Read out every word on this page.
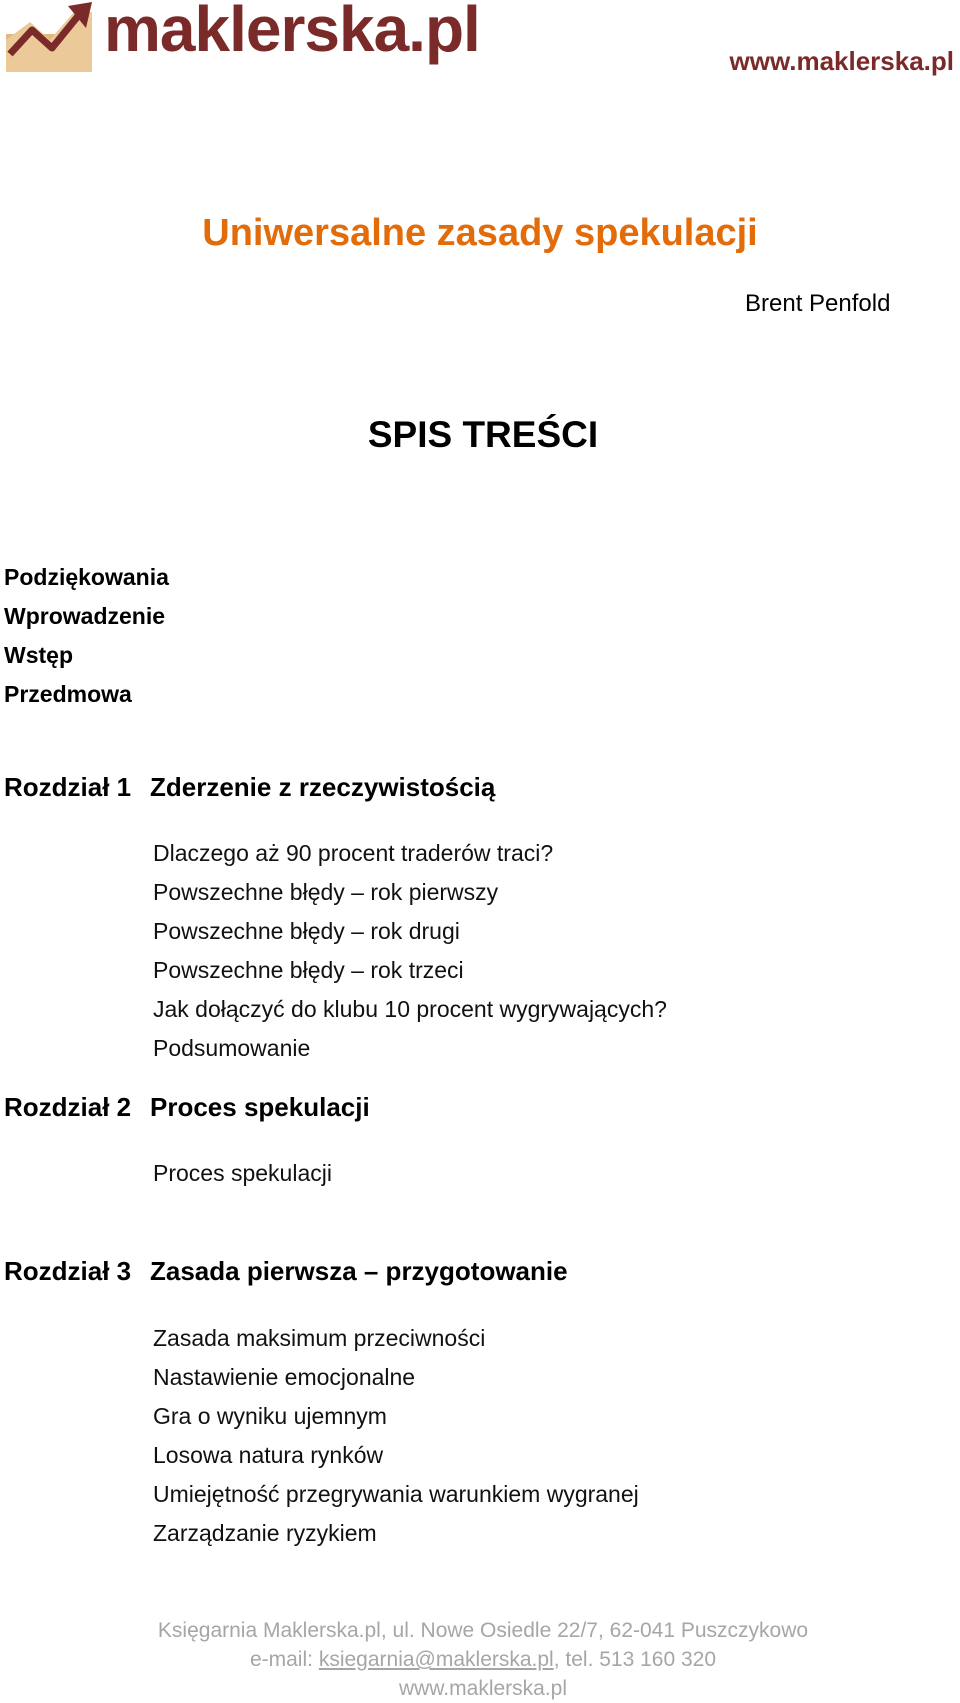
maklerska.pl	www.maklerska.pl
Uniwersalne zasady spekulacji
Brent Penfold
SPIS TREŚCI
Podziękowania
Wprowadzenie
Wstęp
Przedmowa
Rozdział 1 Zderzenie z rzeczywistością
Dlaczego aż 90 procent traderów traci?
Powszechne błędy – rok pierwszy
Powszechne błędy – rok drugi
Powszechne błędy – rok trzeci
Jak dołączyć do klubu 10 procent wygrywających?
Podsumowanie
Rozdział 2 Proces spekulacji
Proces spekulacji
Rozdział 3 Zasada pierwsza – przygotowanie
Zasada maksimum przeciwności
Nastawienie emocjonalne
Gra o wyniku ujemnym
Losowa natura rynków
Umiejętność przegrywania warunkiem wygranej
Zarządzanie ryzykiem
Księgarnia Maklerska.pl, ul. Nowe Osiedle 22/7, 62-041 Puszczykowo
e-mail: ksiegarnia@maklerska.pl, tel. 513 160 320
www.maklerska.pl
